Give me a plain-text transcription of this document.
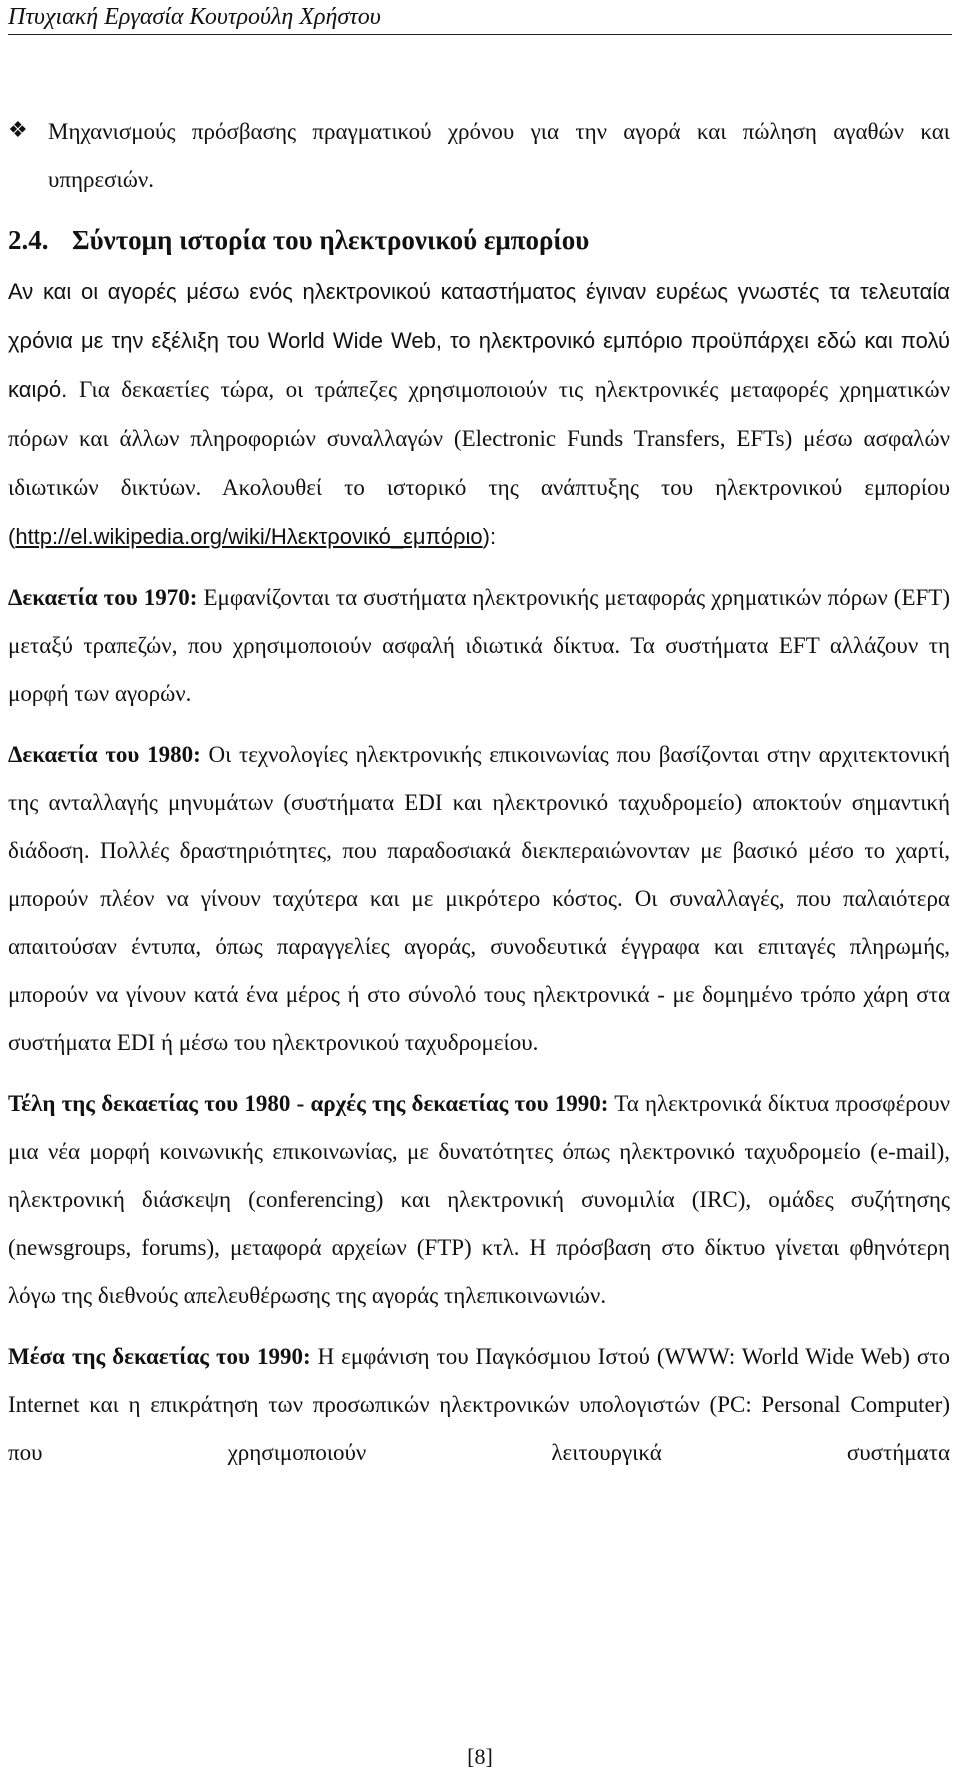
Πτυχιακή Εργασία Κουτρούλη Χρήστου
❖ Μηχανισμούς πρόσβασης πραγματικού χρόνου για την αγορά και πώληση αγαθών και υπηρεσιών.

2.4. Σύντομη ιστορία του ηλεκτρονικού εμπορίου

Αν και οι αγορές μέσω ενός ηλεκτρονικού καταστήματος έγιναν ευρέως γνωστές τα τελευταία χρόνια με την εξέλιξη του World Wide Web, το ηλεκτρονικό εμπόριο προϋπάρχει εδώ και πολύ καιρό. Για δεκαετίες τώρα, οι τράπεζες χρησιμοποιούν τις ηλεκτρονικές μεταφορές χρηματικών πόρων και άλλων πληροφοριών συναλλαγών (Electronic Funds Transfers, EFTs) μέσω ασφαλών ιδιωτικών δικτύων. Ακολουθεί το ιστορικό της ανάπτυξης του ηλεκτρονικού εμπορίου (http://el.wikipedia.org/wiki/Ηλεκτρονικό_εμπόριο):

Δεκαετία του 1970: Εμφανίζονται τα συστήματα ηλεκτρονικής μεταφοράς χρηματικών πόρων (EFT) μεταξύ τραπεζών, που χρησιμοποιούν ασφαλή ιδιωτικά δίκτυα. Τα συστήματα EFT αλλάζουν τη μορφή των αγορών.

Δεκαετία του 1980: Οι τεχνολογίες ηλεκτρονικής επικοινωνίας που βασίζονται στην αρχιτεκτονική της ανταλλαγής μηνυμάτων (συστήματα EDI και ηλεκτρονικό ταχυδρομείο) αποκτούν σημαντική διάδοση. Πολλές δραστηριότητες, που παραδοσιακά διεκπεραιώνονταν με βασικό μέσο το χαρτί, μπορούν πλέον να γίνουν ταχύτερα και με μικρότερο κόστος. Οι συναλλαγές, που παλαιότερα απαιτούσαν έντυπα, όπως παραγγελίες αγοράς, συνοδευτικά έγγραφα και επιταγές πληρωμής, μπορούν να γίνουν κατά ένα μέρος ή στο σύνολό τους ηλεκτρονικά - με δομημένο τρόπο χάρη στα συστήματα EDI ή μέσω του ηλεκτρονικού ταχυδρομείου.

Τέλη της δεκαετίας του 1980 - αρχές της δεκαετίας του 1990: Τα ηλεκτρονικά δίκτυα προσφέρουν μια νέα μορφή κοινωνικής επικοινωνίας, με δυνατότητες όπως ηλεκτρονικό ταχυδρομείο (e-mail), ηλεκτρονική διάσκεψη (conferencing) και ηλεκτρονική συνομιλία (IRC), ομάδες συζήτησης (newsgroups, forums), μεταφορά αρχείων (FTP) κτλ. Η πρόσβαση στο δίκτυο γίνεται φθηνότερη λόγω της διεθνούς απελευθέρωσης της αγοράς τηλεπικοινωνιών.

Μέσα της δεκαετίας του 1990: Η εμφάνιση του Παγκόσμιου Ιστού (WWW: World Wide Web) στο Internet και η επικράτηση των προσωπικών ηλεκτρονικών υπολογιστών (PC: Personal Computer) που χρησιμοποιούν λειτουργικά συστήματα

[8]
